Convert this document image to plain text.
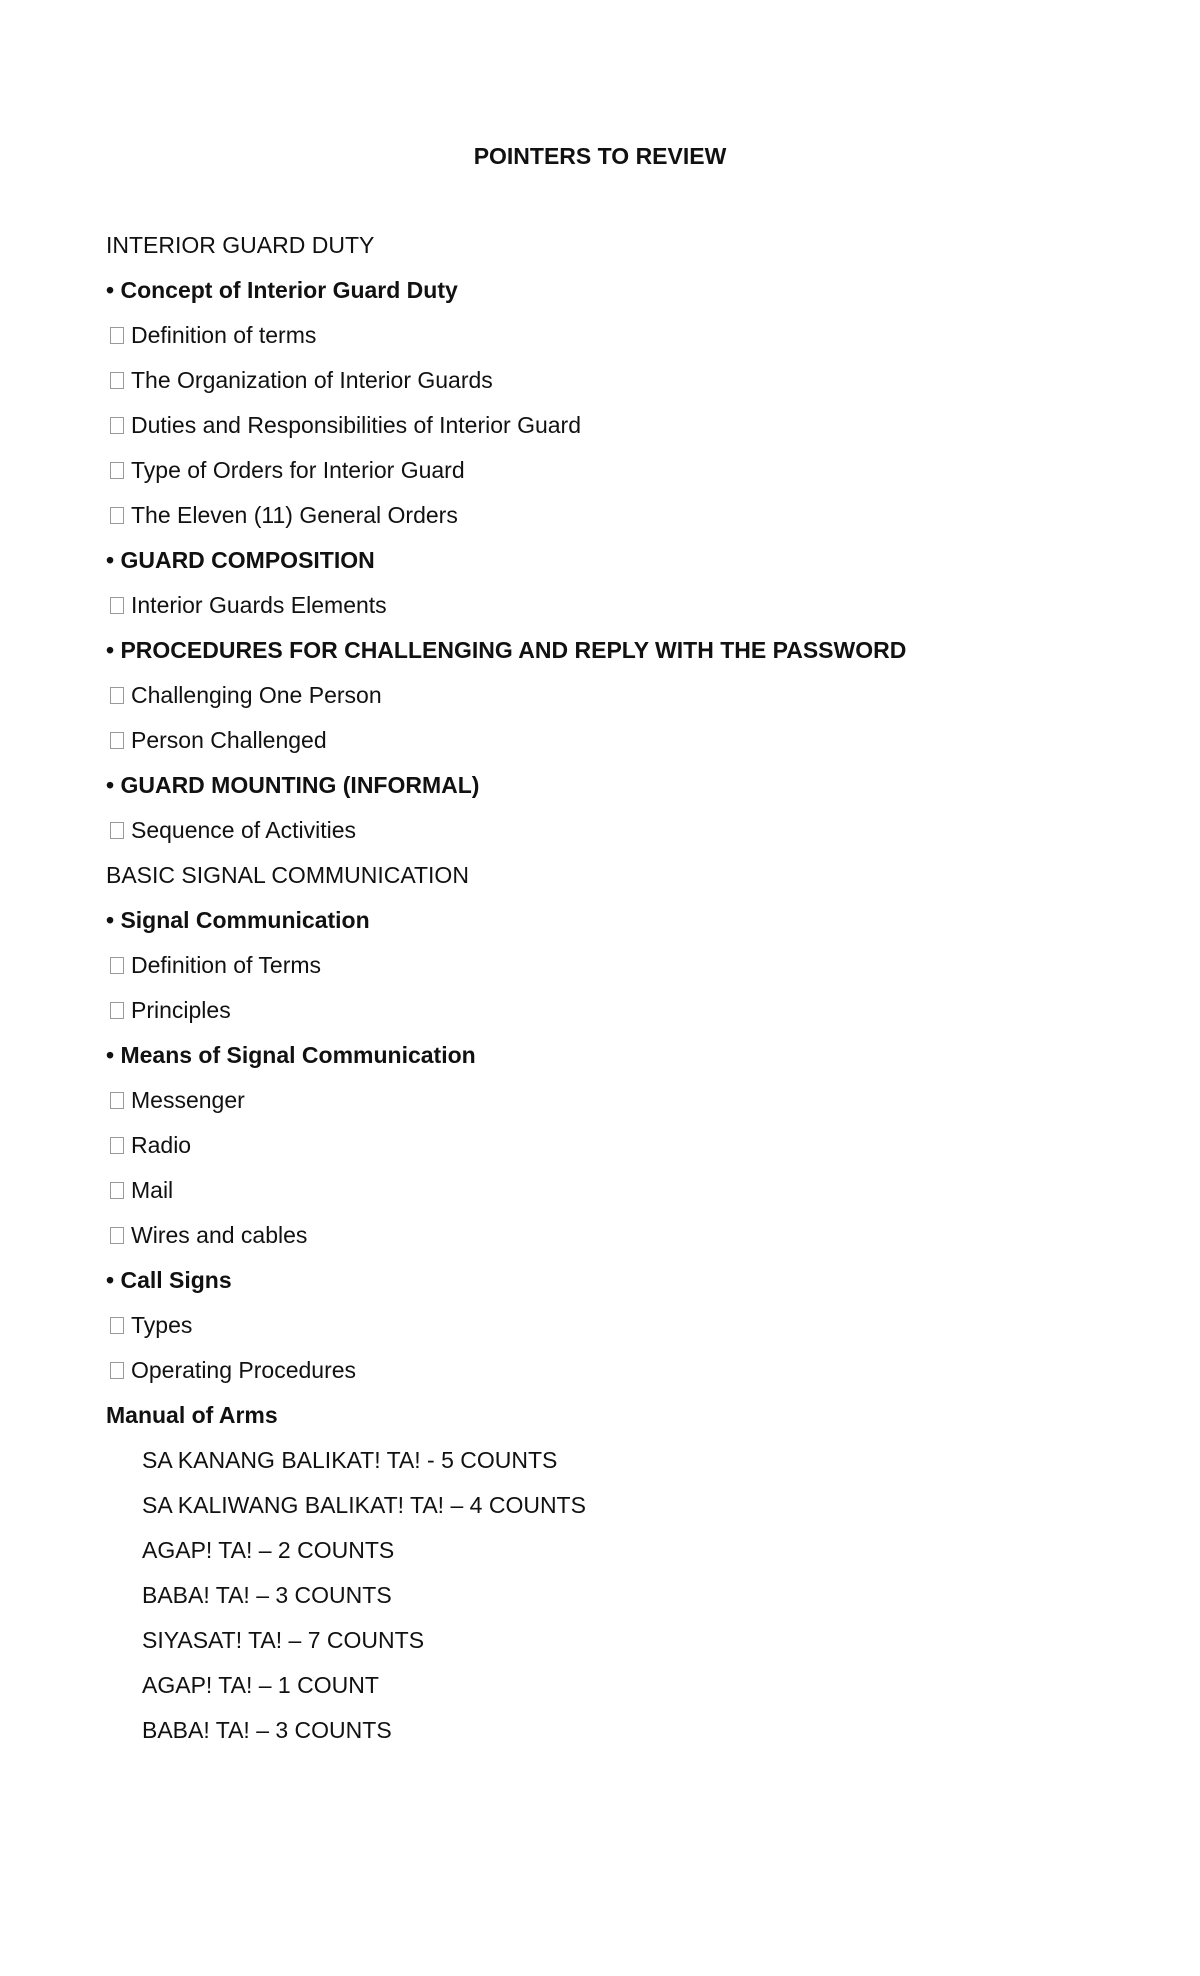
POINTERS TO REVIEW
INTERIOR GUARD DUTY
• Concept of Interior Guard Duty
Definition of terms
The Organization of Interior Guards
Duties and Responsibilities of Interior Guard
Type of Orders for Interior Guard
The Eleven (11) General Orders
• GUARD COMPOSITION
Interior Guards Elements
• PROCEDURES FOR CHALLENGING AND REPLY WITH THE PASSWORD
Challenging One Person
Person Challenged
• GUARD MOUNTING (INFORMAL)
Sequence of Activities
BASIC SIGNAL COMMUNICATION
• Signal Communication
Definition of Terms
Principles
• Means of Signal Communication
Messenger
Radio
Mail
Wires and cables
• Call Signs
Types
Operating Procedures
Manual of Arms
SA KANANG BALIKAT! TA! - 5 COUNTS
SA KALIWANG BALIKAT! TA! – 4 COUNTS
AGAP! TA! – 2 COUNTS
BABA! TA! – 3 COUNTS
SIYASAT! TA! – 7 COUNTS
AGAP! TA! – 1 COUNT
BABA! TA! – 3 COUNTS
